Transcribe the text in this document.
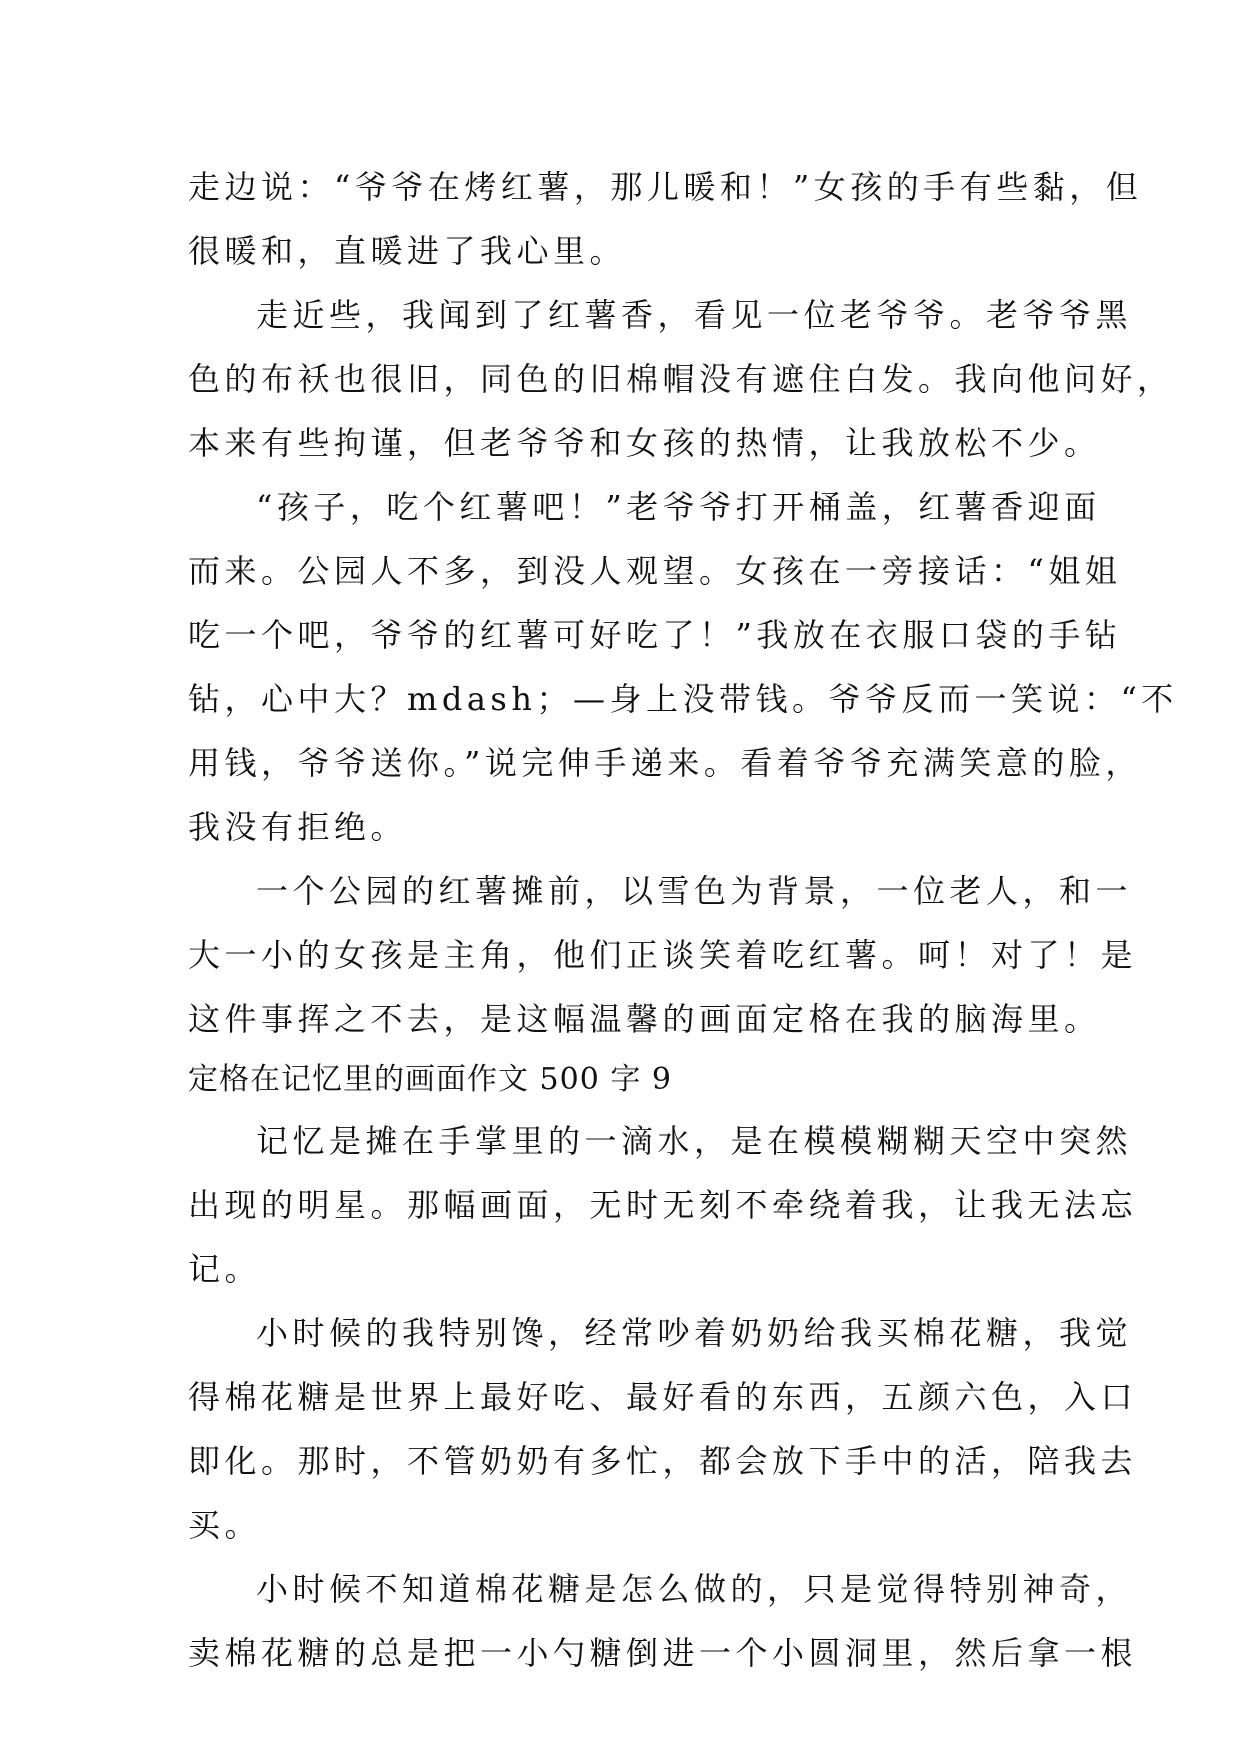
走边说：“爷爷在烤红薯，那儿暖和！”女孩的手有些黏，但
很暖和，直暖进了我心里。
走近些，我闻到了红薯香，看见一位老爷爷。老爷爷黑
色的布袄也很旧，同色的旧棉帽没有遮住白发。我向他问好，
本来有些拘谨，但老爷爷和女孩的热情，让我放松不少。
“孩子，吃个红薯吧！”老爷爷打开桶盖，红薯香迎面
而来。公园人不多，到没人观望。女孩在一旁接话：“姐姐
吃一个吧，爷爷的红薯可好吃了！”我放在衣服口袋的手钻
钻，心中大？mdash；—身上没带钱。爷爷反而一笑说：“不
用钱，爷爷送你。”说完伸手递来。看着爷爷充满笑意的脸，
我没有拒绝。
一个公园的红薯摊前，以雪色为背景，一位老人，和一
大一小的女孩是主角，他们正谈笑着吃红薯。呵！对了！是
这件事挥之不去，是这幅温馨的画面定格在我的脑海里。
定格在记忆里的画面作文 500 字 9
记忆是摊在手掌里的一滴水，是在模模糊糊天空中突然
出现的明星。那幅画面，无时无刻不牵绕着我，让我无法忘
记。
小时候的我特别馋，经常吵着奶奶给我买棉花糖，我觉
得棉花糖是世界上最好吃、最好看的东西，五颜六色，入口
即化。那时，不管奶奶有多忙，都会放下手中的活，陪我去
买。
小时候不知道棉花糖是怎么做的，只是觉得特别神奇，
卖棉花糖的总是把一小勺糖倒进一个小圆洞里，然后拿一根
